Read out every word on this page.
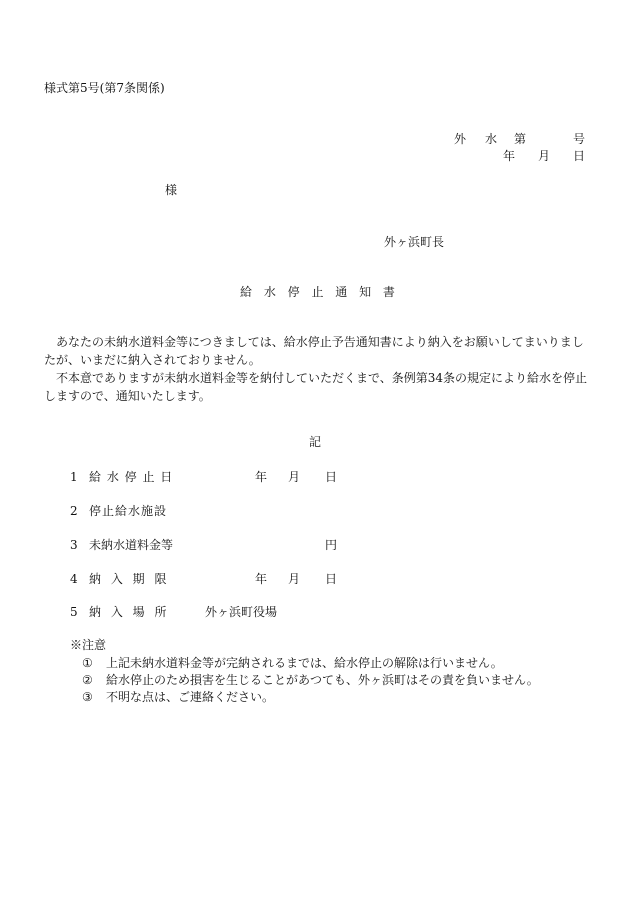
様式第5号(第7条関係)
外 水 第	号
年 月 日
様
外ヶ浜町長
給 水 停 止 通 知 書

あなたの未納水道料金等につきましては、給水停止予告通知書により納入をお願いしてまいりましたが、いまだに納入されておりません。

不本意でありますが未納水道料金等を納付していただくまで、条例第34条の規定により給水を停止しますので、通知いたします。

記
1 給 水 停 止 日	年 月 日
2 停止給水施設
3 未納水道料金等	円
4 納 入 期 限	年 月 日
5 納 入 場 所	外ヶ浜町役場
※注意
① 上記未納水道料金等が完納されるまでは、給水停止の解除は行いません。
② 給水停止のため損害を生じることがあつても、外ヶ浜町はその責を負いません。
③ 不明な点は、ご連絡ください。
